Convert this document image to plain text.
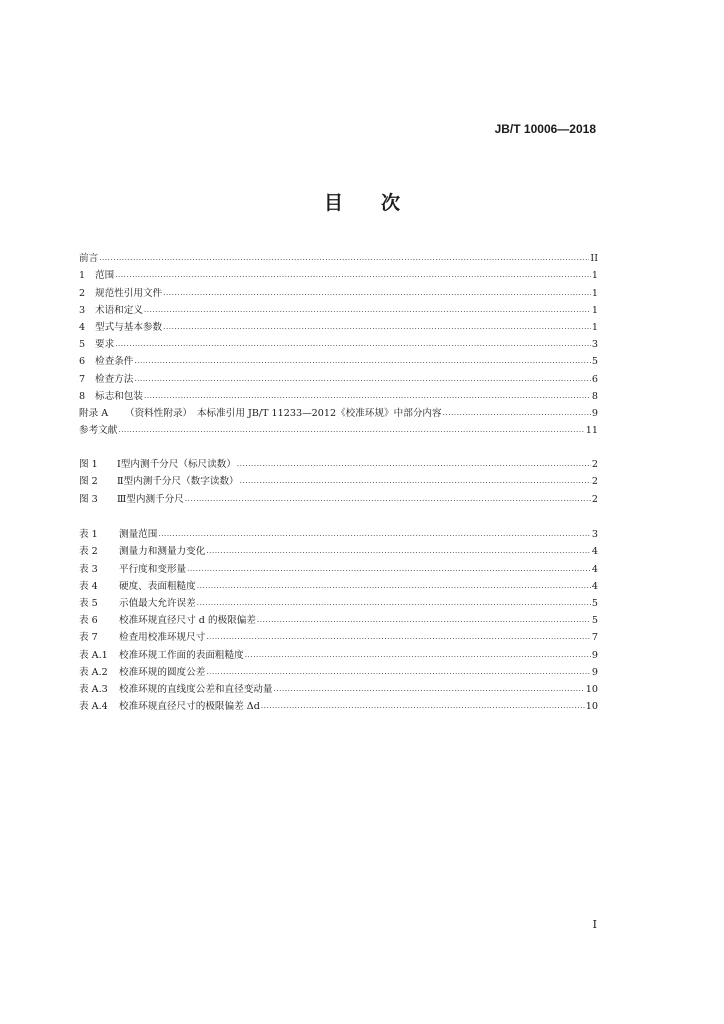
JB/T 10006—2018
目 次
前言 .....	II
1 范围 .....	1
2 规范性引用文件 .....	1
3 术语和定义 .....	1
4 型式与基本参数 .....	1
5 要求 .....	3
6 检查条件 .....	5
7 检查方法 .....	6
8 标志和包装 .....	8
附录 A （资料性附录）　本标准引用 JB/T 11233—2012《校准环规》中部分内容 .....	9
参考文献 .....	11
图 1 Ⅰ型内测千分尺（标尺读数） .....	2
图 2 Ⅱ型内测千分尺（数字读数） .....	2
图 3 Ⅲ型内测千分尺 .....	2
表 1 测量范围 .....	3
表 2 测量力和测量力变化 .....	4
表 3 平行度和变形量 .....	4
表 4 硬度、表面粗糙度 .....	4
表 5 示值最大允许误差 .....	5
表 6 校准环规直径尺寸 d 的极限偏差 .....	5
表 7 检查用校准环规尺寸 .....	7
表 A.1 校准环规工作面的表面粗糙度 .....	9
表 A.2 校准环规的圆度公差 .....	9
表 A.3 校准环规的直线度公差和直径变动量 .....	10
表 A.4 校准环规直径尺寸的极限偏差 Δd .....	10
I
